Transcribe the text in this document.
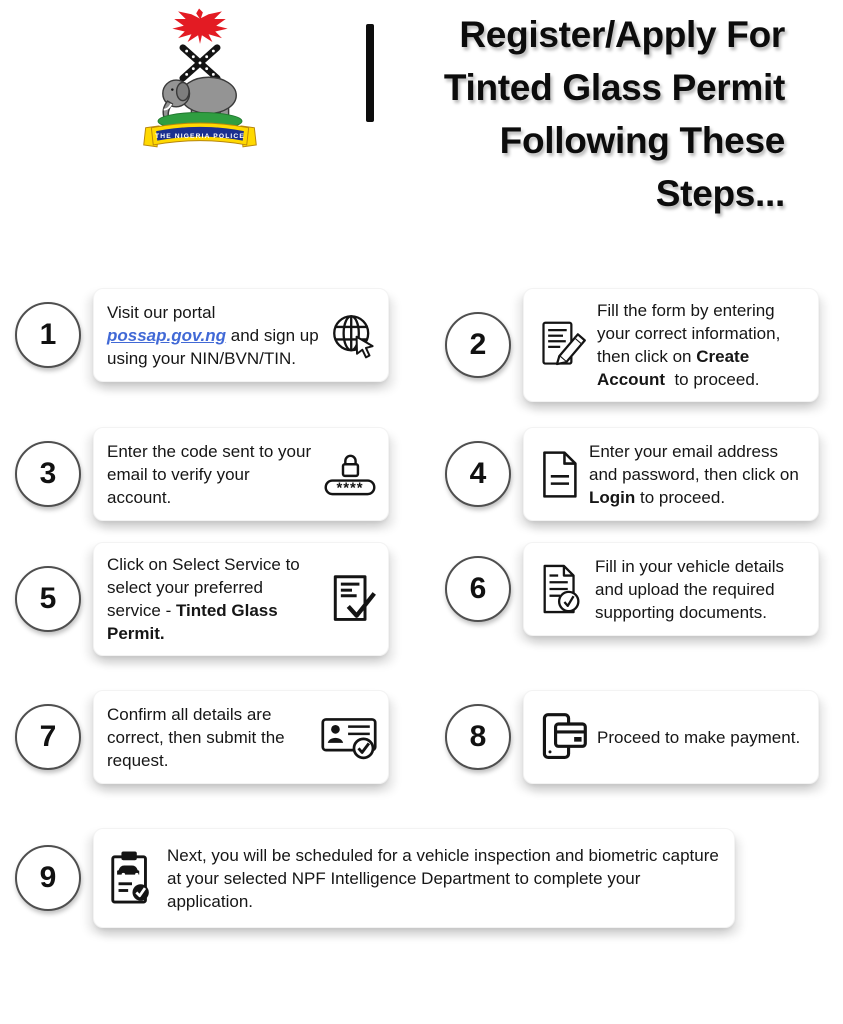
THE NIGERIA POLICE
Register/Apply For
Tinted Glass Permit
Following These
Steps...
1

Visit our portal possap.gov.ng and sign up using your NIN/BVN/TIN.	2

Fill the form by entering your correct information, then click on Create Account  to proceed.

3

Enter the code sent to your email to verify your account.	****	4

Enter your email address and password, then click on Login to proceed.

5

Click on Select Service to select your preferred service - Tinted Glass Permit.

6

Fill in your vehicle details and upload the required supporting documents.

7

Confirm all details are correct, then submit the request.

8	Proceed to make payment.

9

Next, you will be scheduled for a vehicle inspection and biometric capture at your selected NPF Intelligence Department to complete your application.
